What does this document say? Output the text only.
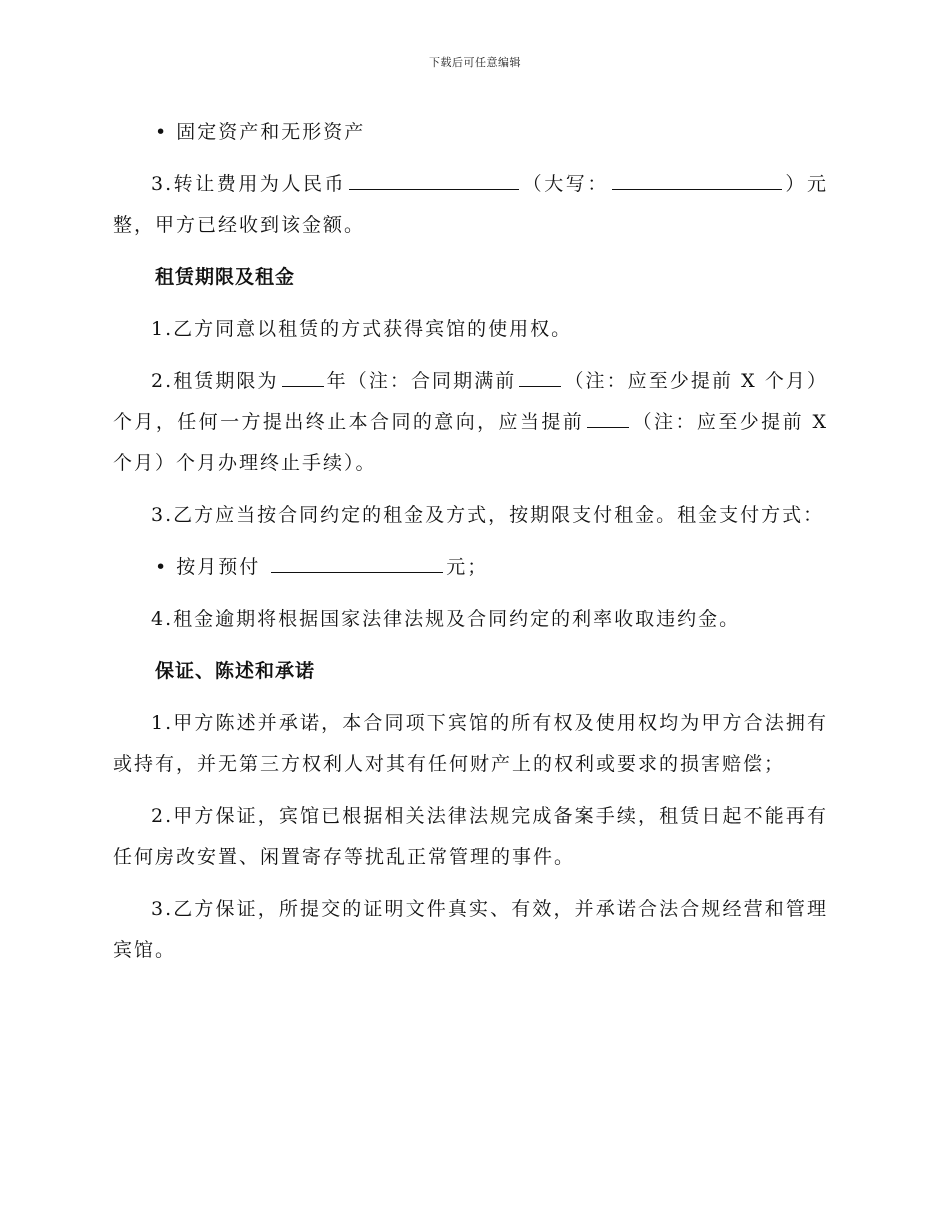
下载后可任意编辑
• 固定资产和无形资产
3.转让费用为人民币	（大写：	）元整，甲方已经收到该金额。
租赁期限及租金
1.乙方同意以租赁的方式获得宾馆的使用权。
2.租赁期限为	年（注：合同期满前	（注：应至少提前 X 个月）个月，任何一方提出终止本合同的意向，应当提前	（注：应至少提前 X 个月）个月办理终止手续）。
3.乙方应当按合同约定的租金及方式，按期限支付租金。租金支付方式：
• 按月预付	元；
4.租金逾期将根据国家法律法规及合同约定的利率收取违约金。
保证、陈述和承诺
1.甲方陈述并承诺，本合同项下宾馆的所有权及使用权均为甲方合法拥有或持有，并无第三方权利人对其有任何财产上的权利或要求的损害赔偿；
2.甲方保证，宾馆已根据相关法律法规完成备案手续，租赁日起不能再有任何房改安置、闲置寄存等扰乱正常管理的事件。
3.乙方保证，所提交的证明文件真实、有效，并承诺合法合规经营和管理宾馆。
